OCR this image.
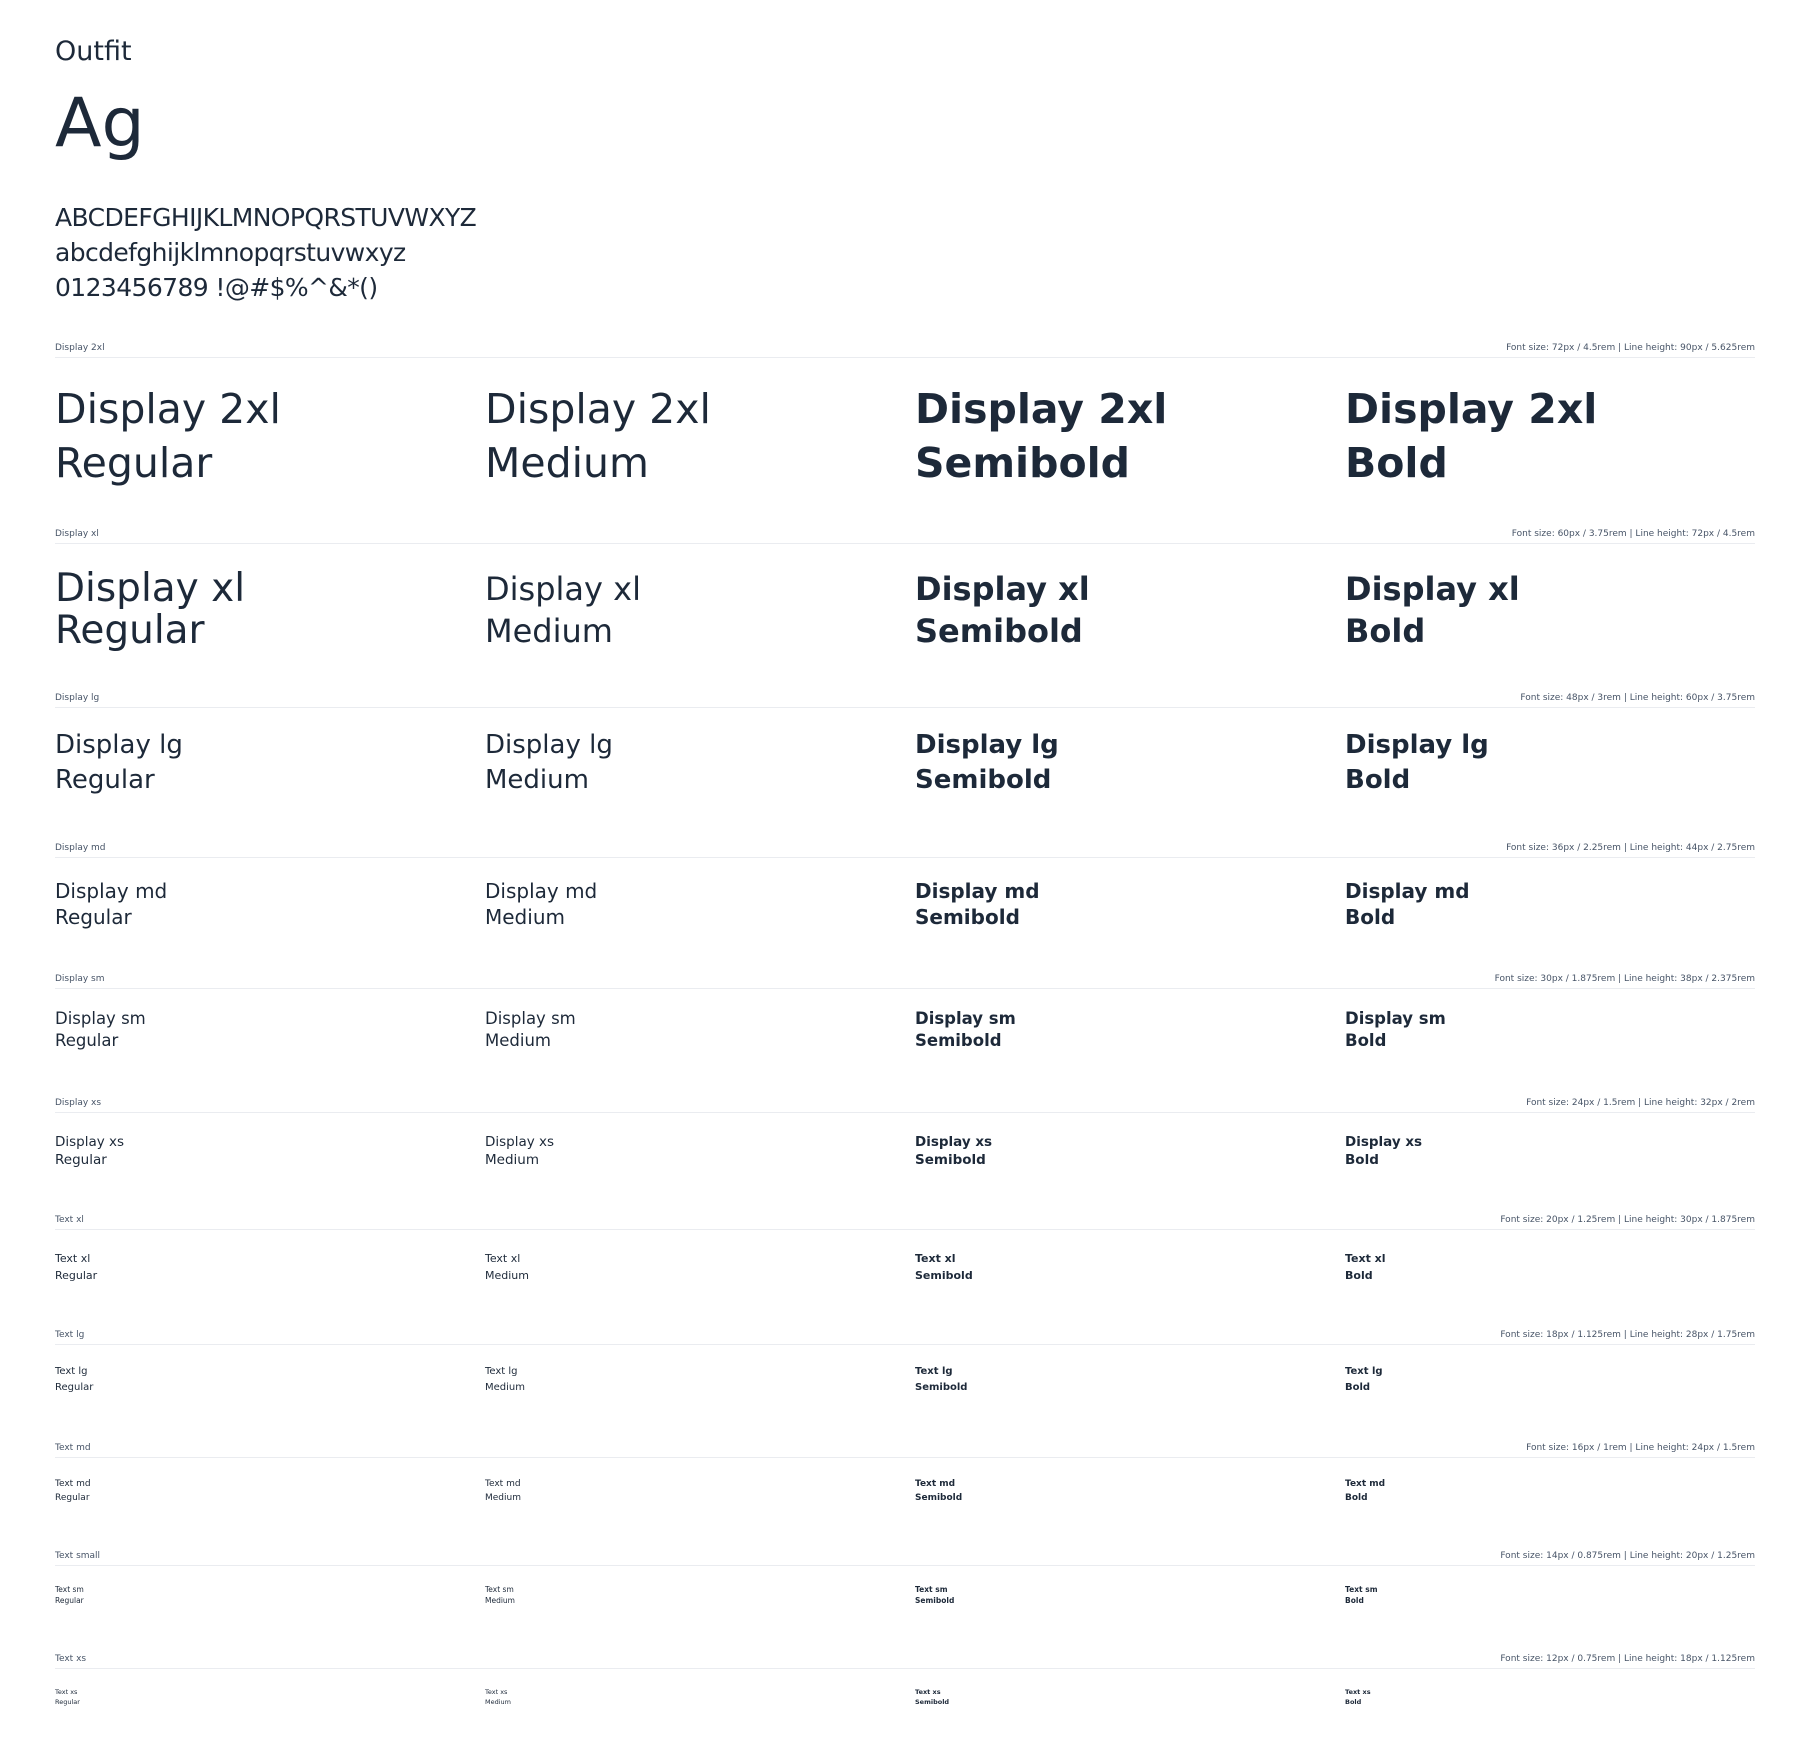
Outfit
Ag
ABCDEFGHIJKLMNOPQRSTUVWXYZ
abcdefghijklmnopqrstuvwxyz
0123456789 !@#$%^&*()
Display 2xl	Font size: 72px / 4.5rem | Line height: 90px / 5.625rem
Display 2xl
Regular
Display 2xl
Medium
Display 2xl
Semibold
Display 2xl
Bold
Display xl	Font size: 60px / 3.75rem | Line height: 72px / 4.5rem
Display xl
Regular
Display xl
Medium
Display xl
Semibold
Display xl
Bold
Display lg	Font size: 48px / 3rem | Line height: 60px / 3.75rem
Display lg
Regular
Display lg
Medium
Display lg
Semibold
Display lg
Bold
Display md	Font size: 36px / 2.25rem | Line height: 44px / 2.75rem
Display md
Regular
Display md
Medium
Display md
Semibold
Display md
Bold
Display sm	Font size: 30px / 1.875rem | Line height: 38px / 2.375rem
Display sm
Regular
Display sm
Medium
Display sm
Semibold
Display sm
Bold
Display xs	Font size: 24px / 1.5rem | Line height: 32px / 2rem
Display xs
Regular
Display xs
Medium
Display xs
Semibold
Display xs
Bold
Text xl	Font size: 20px / 1.25rem | Line height: 30px / 1.875rem
Text xl
Regular
Text xl
Medium
Text xl
Semibold
Text xl
Bold
Text lg	Font size: 18px / 1.125rem | Line height: 28px / 1.75rem
Text lg
Regular
Text lg
Medium
Text lg
Semibold
Text lg
Bold
Text md	Font size: 16px / 1rem | Line height: 24px / 1.5rem
Text md
Regular
Text md
Medium
Text md
Semibold
Text md
Bold
Text small	Font size: 14px / 0.875rem | Line height: 20px / 1.25rem
Text sm
Regular
Text sm
Medium
Text sm
Semibold
Text sm
Bold
Text xs	Font size: 12px / 0.75rem | Line height: 18px / 1.125rem
Text xs
Regular
Text xs
Medium
Text xs
Semibold
Text xs
Bold
